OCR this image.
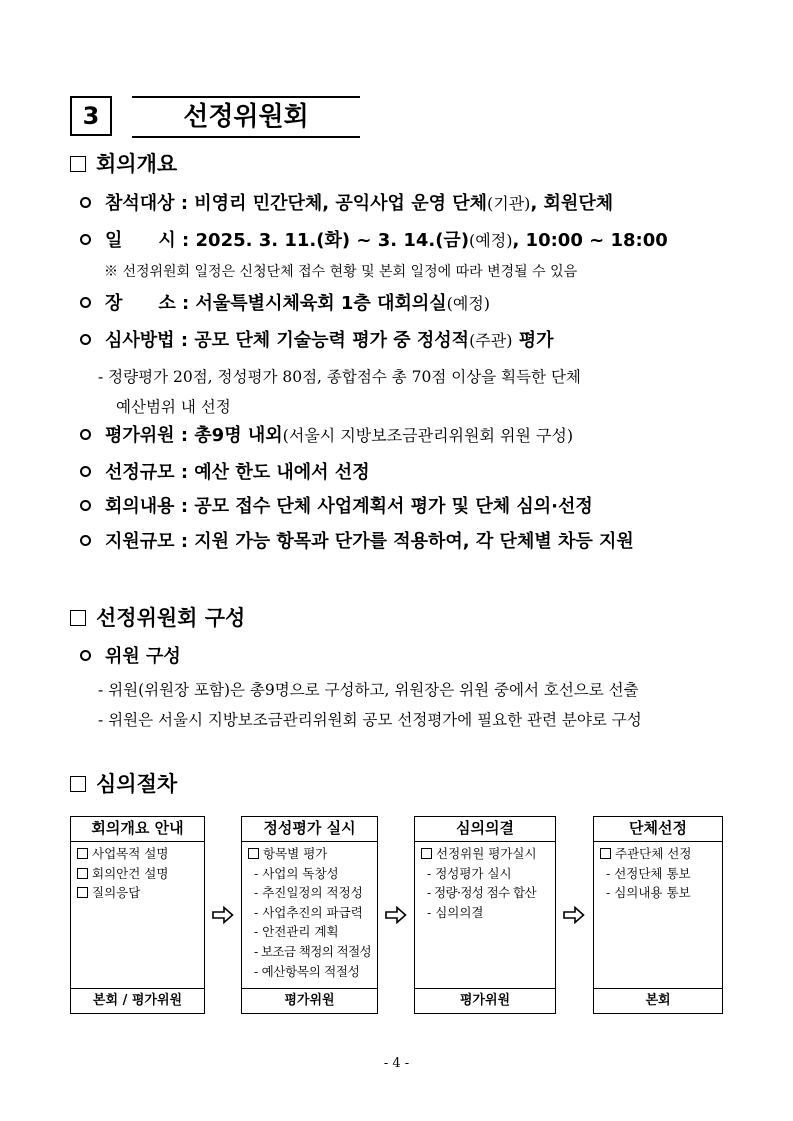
3	선정위원회
회의개요
참석대상 : 비영리 민간단체, 공익사업 운영 단체(기관), 회원단체
일　　시 : 2025. 3. 11.(화) ~ 3. 14.(금)(예정), 10:00 ~ 18:00
※ 선정위원회 일정은 신청단체 접수 현황 및 본회 일정에 따라 변경될 수 있음
장　　소 : 서울특별시체육회 1층 대회의실(예정)
심사방법 : 공모 단체 기술능력 평가 중 정성적(주관) 평가
- 정량평가 20점, 정성평가 80점, 종합점수 총 70점 이상을 획득한 단체
예산범위 내 선정
평가위원 : 총9명 내외(서울시 지방보조금관리위원회 위원 구성)
선정규모 : 예산 한도 내에서 선정
회의내용 : 공모 접수 단체 사업계획서 평가 및 단체 심의·선정
지원규모 : 지원 가능 항목과 단가를 적용하여, 각 단체별 차등 지원
선정위원회 구성
위원 구성
- 위원(위원장 포함)은 총9명으로 구성하고, 위원장은 위원 중에서 호선으로 선출
- 위원은 서울시 지방보조금관리위원회 공모 선정평가에 필요한 관련 분야로 구성
심의절차
회의개요 안내
사업목적 설명
회의안건 설명
질의응답
본회 / 평가위원
정성평가 실시
항목별 평가
- 사업의 독창성
- 추진일정의 적정성
- 사업추진의 파급력
- 안전관리 계획
- 보조금 책정의 적절성
- 예산항목의 적절성
평가위원
심의의결
선정위원 평가실시
- 정성평가 실시
- 정량·정성 점수 합산
- 심의의결
평가위원
단체선정
주관단체 선정
- 선정단체 통보
- 심의내용 통보
본회
- 4 -
